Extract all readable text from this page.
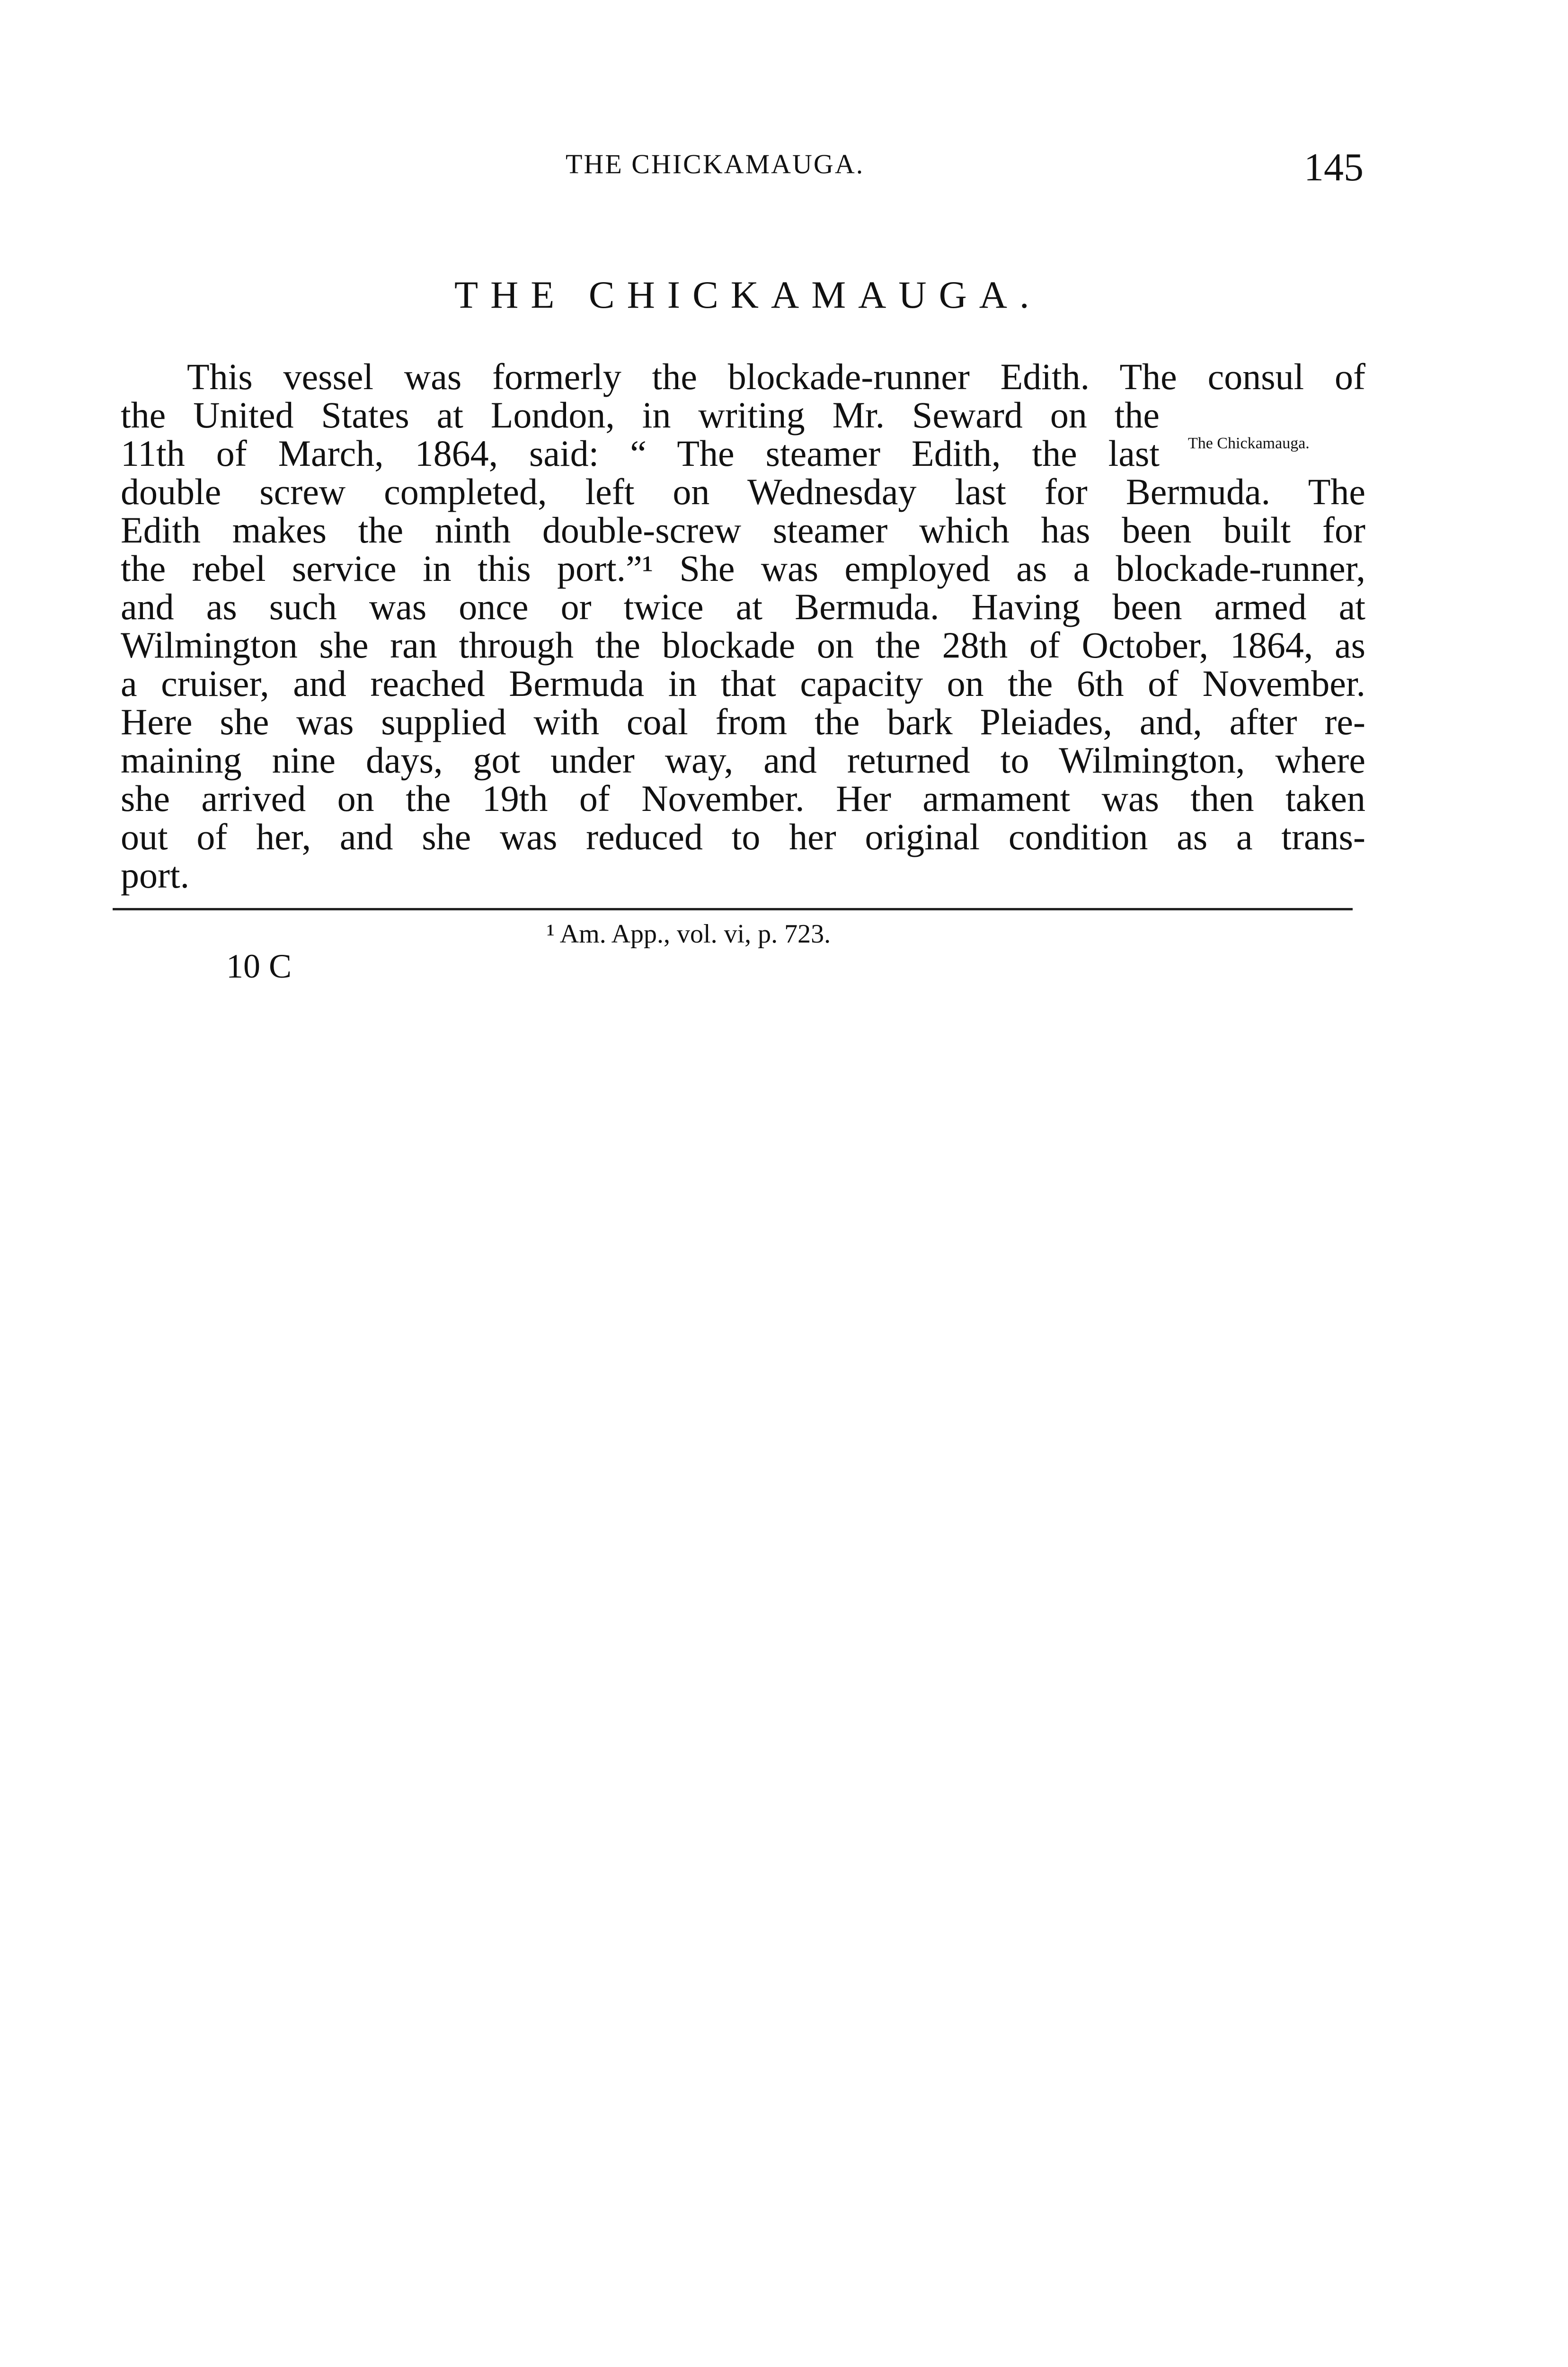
THE CHICKAMAUGA.	145
THE CHICKAMAUGA.
The Chickamauga.
This vessel was formerly the blockade-runner Edith. The consul of
the United States at London, in writing Mr. Seward on the
11th of March, 1864, said: “ The steamer Edith, the last
double screw completed, left on Wednesday last for Bermuda. The
Edith makes the ninth double-screw steamer which has been built for
the rebel service in this port.”¹ She was employed as a blockade-runner,
and as such was once or twice at Bermuda. Having been armed at
Wilmington she ran through the blockade on the 28th of October, 1864, as
a cruiser, and reached Bermuda in that capacity on the 6th of November.
Here she was supplied with coal from the bark Pleiades, and, after re-
maining nine days, got under way, and returned to Wilmington, where
she arrived on the 19th of November. Her armament was then taken
out of her, and she was reduced to her original condition as a trans-
port.
¹ Am. App., vol. vi, p. 723.
10 C
